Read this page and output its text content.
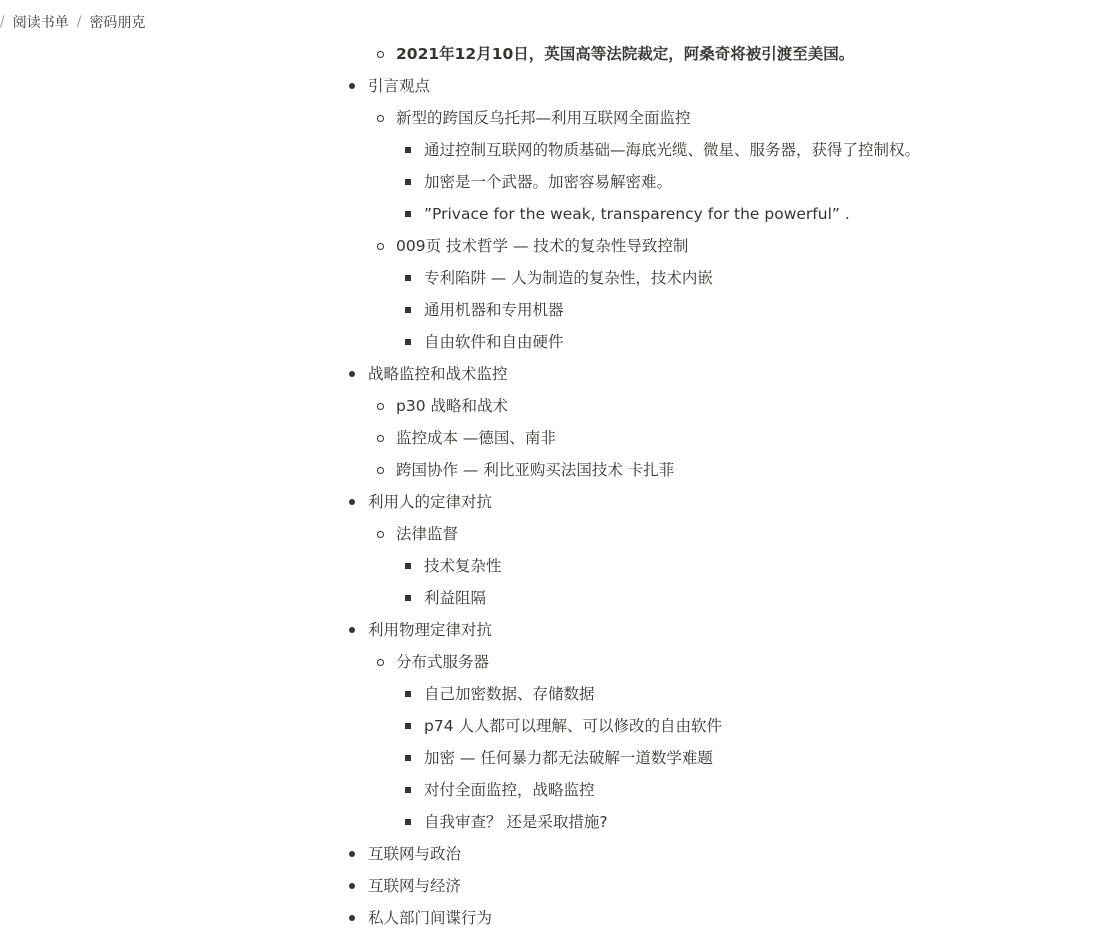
/ 阅读书单 / 密码朋克
2021年12月10日，英国高等法院裁定，阿桑奇将被引渡至美国。
引言观点
新型的跨国反乌托邦—利用互联网全面监控
通过控制互联网的物质基础—海底光缆、微星、服务器，获得了控制权。
加密是一个武器。加密容易解密难。
”Privace for the weak, transparency for the powerful” .
009页 技术哲学 — 技术的复杂性导致控制
专利陷阱 — 人为制造的复杂性，技术内嵌
通用机器和专用机器
自由软件和自由硬件
战略监控和战术监控
p30 战略和战术
监控成本 —德国、南非
跨国协作 — 利比亚购买法国技术 卡扎菲
利用人的定律对抗
法律监督
技术复杂性
利益阻隔
利用物理定律对抗
分布式服务器
自己加密数据、存储数据
p74 人人都可以理解、可以修改的自由软件
加密 — 任何暴力都无法破解一道数学难题
对付全面监控，战略监控
自我审查？ 还是采取措施?
互联网与政治
互联网与经济
私人部门间谍行为
